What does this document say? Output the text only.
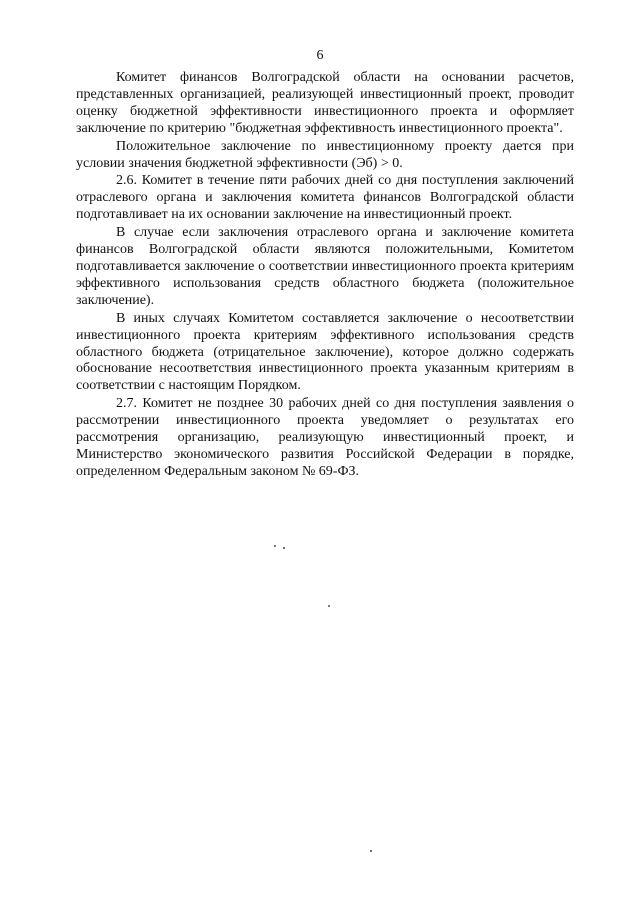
6

Комитет финансов Волгоградской области на основании расчетов, представленных организацией, реализующей инвестиционный проект, проводит оценку бюджетной эффективности инвестиционного проекта и оформляет заключение по критерию "бюджетная эффективность инвестиционного проекта".

Положительное заключение по инвестиционному проекту дается при условии значения бюджетной эффективности (Эб) > 0.

2.6. Комитет в течение пяти рабочих дней со дня поступления заключений отраслевого органа и заключения комитета финансов Волгоградской области подготавливает на их основании заключение на инвестиционный проект.

В случае если заключения отраслевого органа и заключение комитета финансов Волгоградской области являются положительными, Комитетом подготавливается заключение о соответствии инвестиционного проекта критериям эффективного использования средств областного бюджета (положительное заключение).

В иных случаях Комитетом составляется заключение о несоответствии инвестиционного проекта критериям эффективного использования средств областного бюджета (отрицательное заключение), которое должно содержать обоснование несоответствия инвестиционного проекта указанным критериям в соответствии с настоящим Порядком.

2.7. Комитет не позднее 30 рабочих дней со дня поступления заявления о рассмотрении инвестиционного проекта уведомляет о результатах его рассмотрения организацию, реализующую инвестиционный проект, и Министерство экономического развития Российской Федерации в порядке, определенном Федеральным законом № 69-ФЗ.
